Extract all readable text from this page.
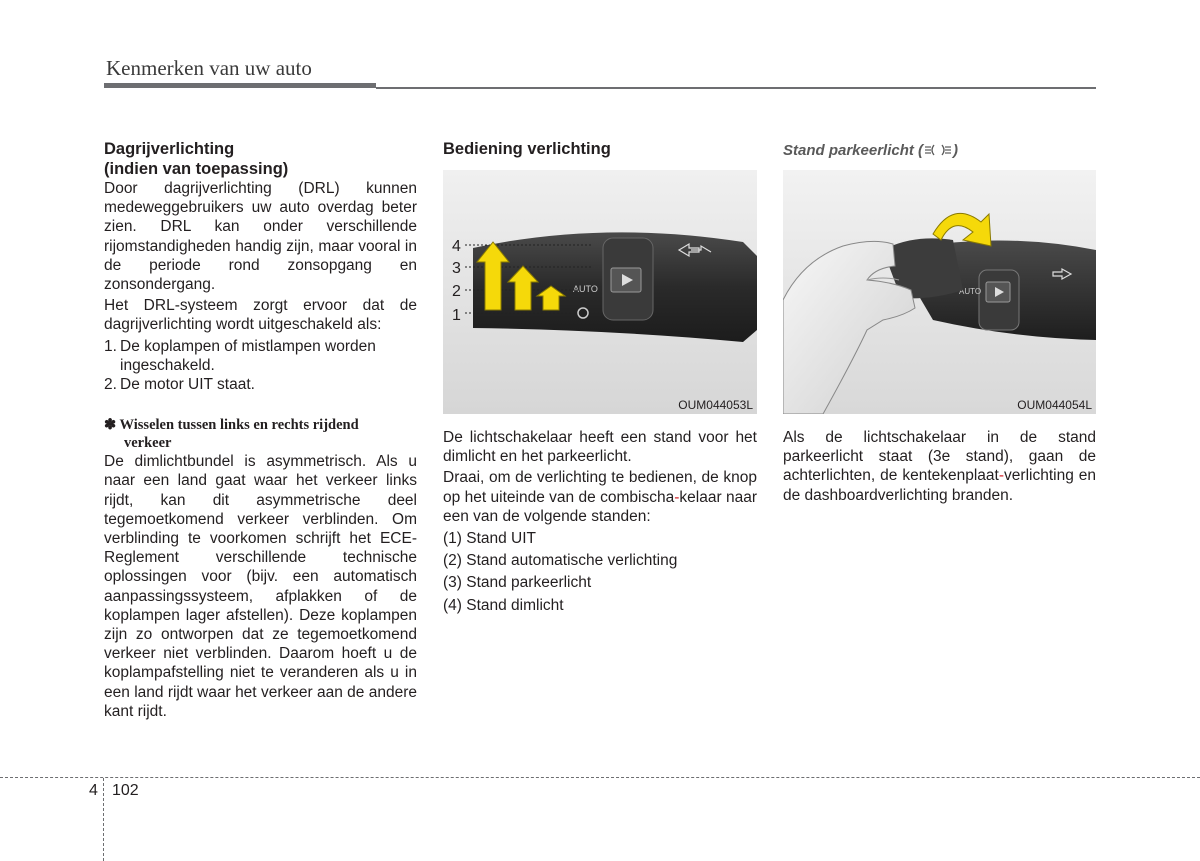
Kenmerken van uw auto

Dagrijverlichting

(indien van toepassing)

Door dagrijverlichting (DRL) kunnen medeweggebruikers uw auto overdag beter zien. DRL kan onder verschillende rijomstandigheden handig zijn, maar vooral in de periode rond zonsopgang en zonsondergang.

Het DRL-systeem zorgt ervoor dat de dagrijverlichting wordt uitgeschakeld als:

1. De koplampen of mistlampen worden ingeschakeld.
2. De motor UIT staat.
✽ Wisselen tussen links en rechts rijdend
verkeer

De dimlichtbundel is asymmetrisch. Als u naar een land gaat waar het verkeer links rijdt, kan dit asymmetrische deel tegemoetkomend verkeer verblinden. Om verblinding te voorkomen schrijft het ECE-Reglement verschillende technische oplossingen voor (bijv. een automatisch aanpassingssysteem, afplakken of de koplampen lager afstellen). Deze koplampen zijn zo ontworpen dat ze tegemoetkomend verkeer niet verblinden. Daarom hoeft u de koplampafstelling niet te veranderen als u in een land rijdt waar het verkeer aan de andere kant rijdt.

Bediening verlichting

AUTO
4
3
2
1
OUM044053L

De lichtschakelaar heeft een stand voor het dimlicht en het parkeerlicht.

Draai, om de verlichting te bedienen, de knop op het uiteinde van de combischa-kelaar naar een van de volgende standen:

(1) Stand UIT

(2) Stand automatische verlichting

(3) Stand parkeerlicht

(4) Stand dimlicht

Stand parkeerlicht ( )

AUTO
OUM044054L

Als de lichtschakelaar in de stand parkeerlicht staat (3e stand), gaan de achterlichten, de kentekenplaat-verlichting en de dashboardverlichting branden.

4 102
